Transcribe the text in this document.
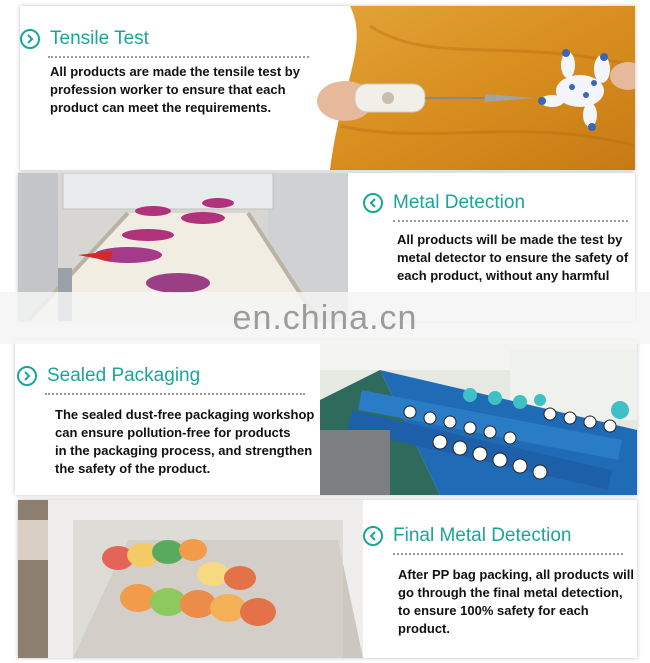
Tensile Test
All products are made the tensile test by
profession worker to ensure that each
product can meet the requirements.
Metal Detection
All products will be made the test by
metal detector to ensure the safety of
each product, without any harmful
Sealed Packaging
The sealed dust-free packaging workshop
can ensure pollution-free for products
in the packaging process, and strengthen
the safety of the product.
Final Metal Detection
After PP bag packing, all products will
go through the final metal detection,
to ensure 100% safety for each product.
en.china.cn
